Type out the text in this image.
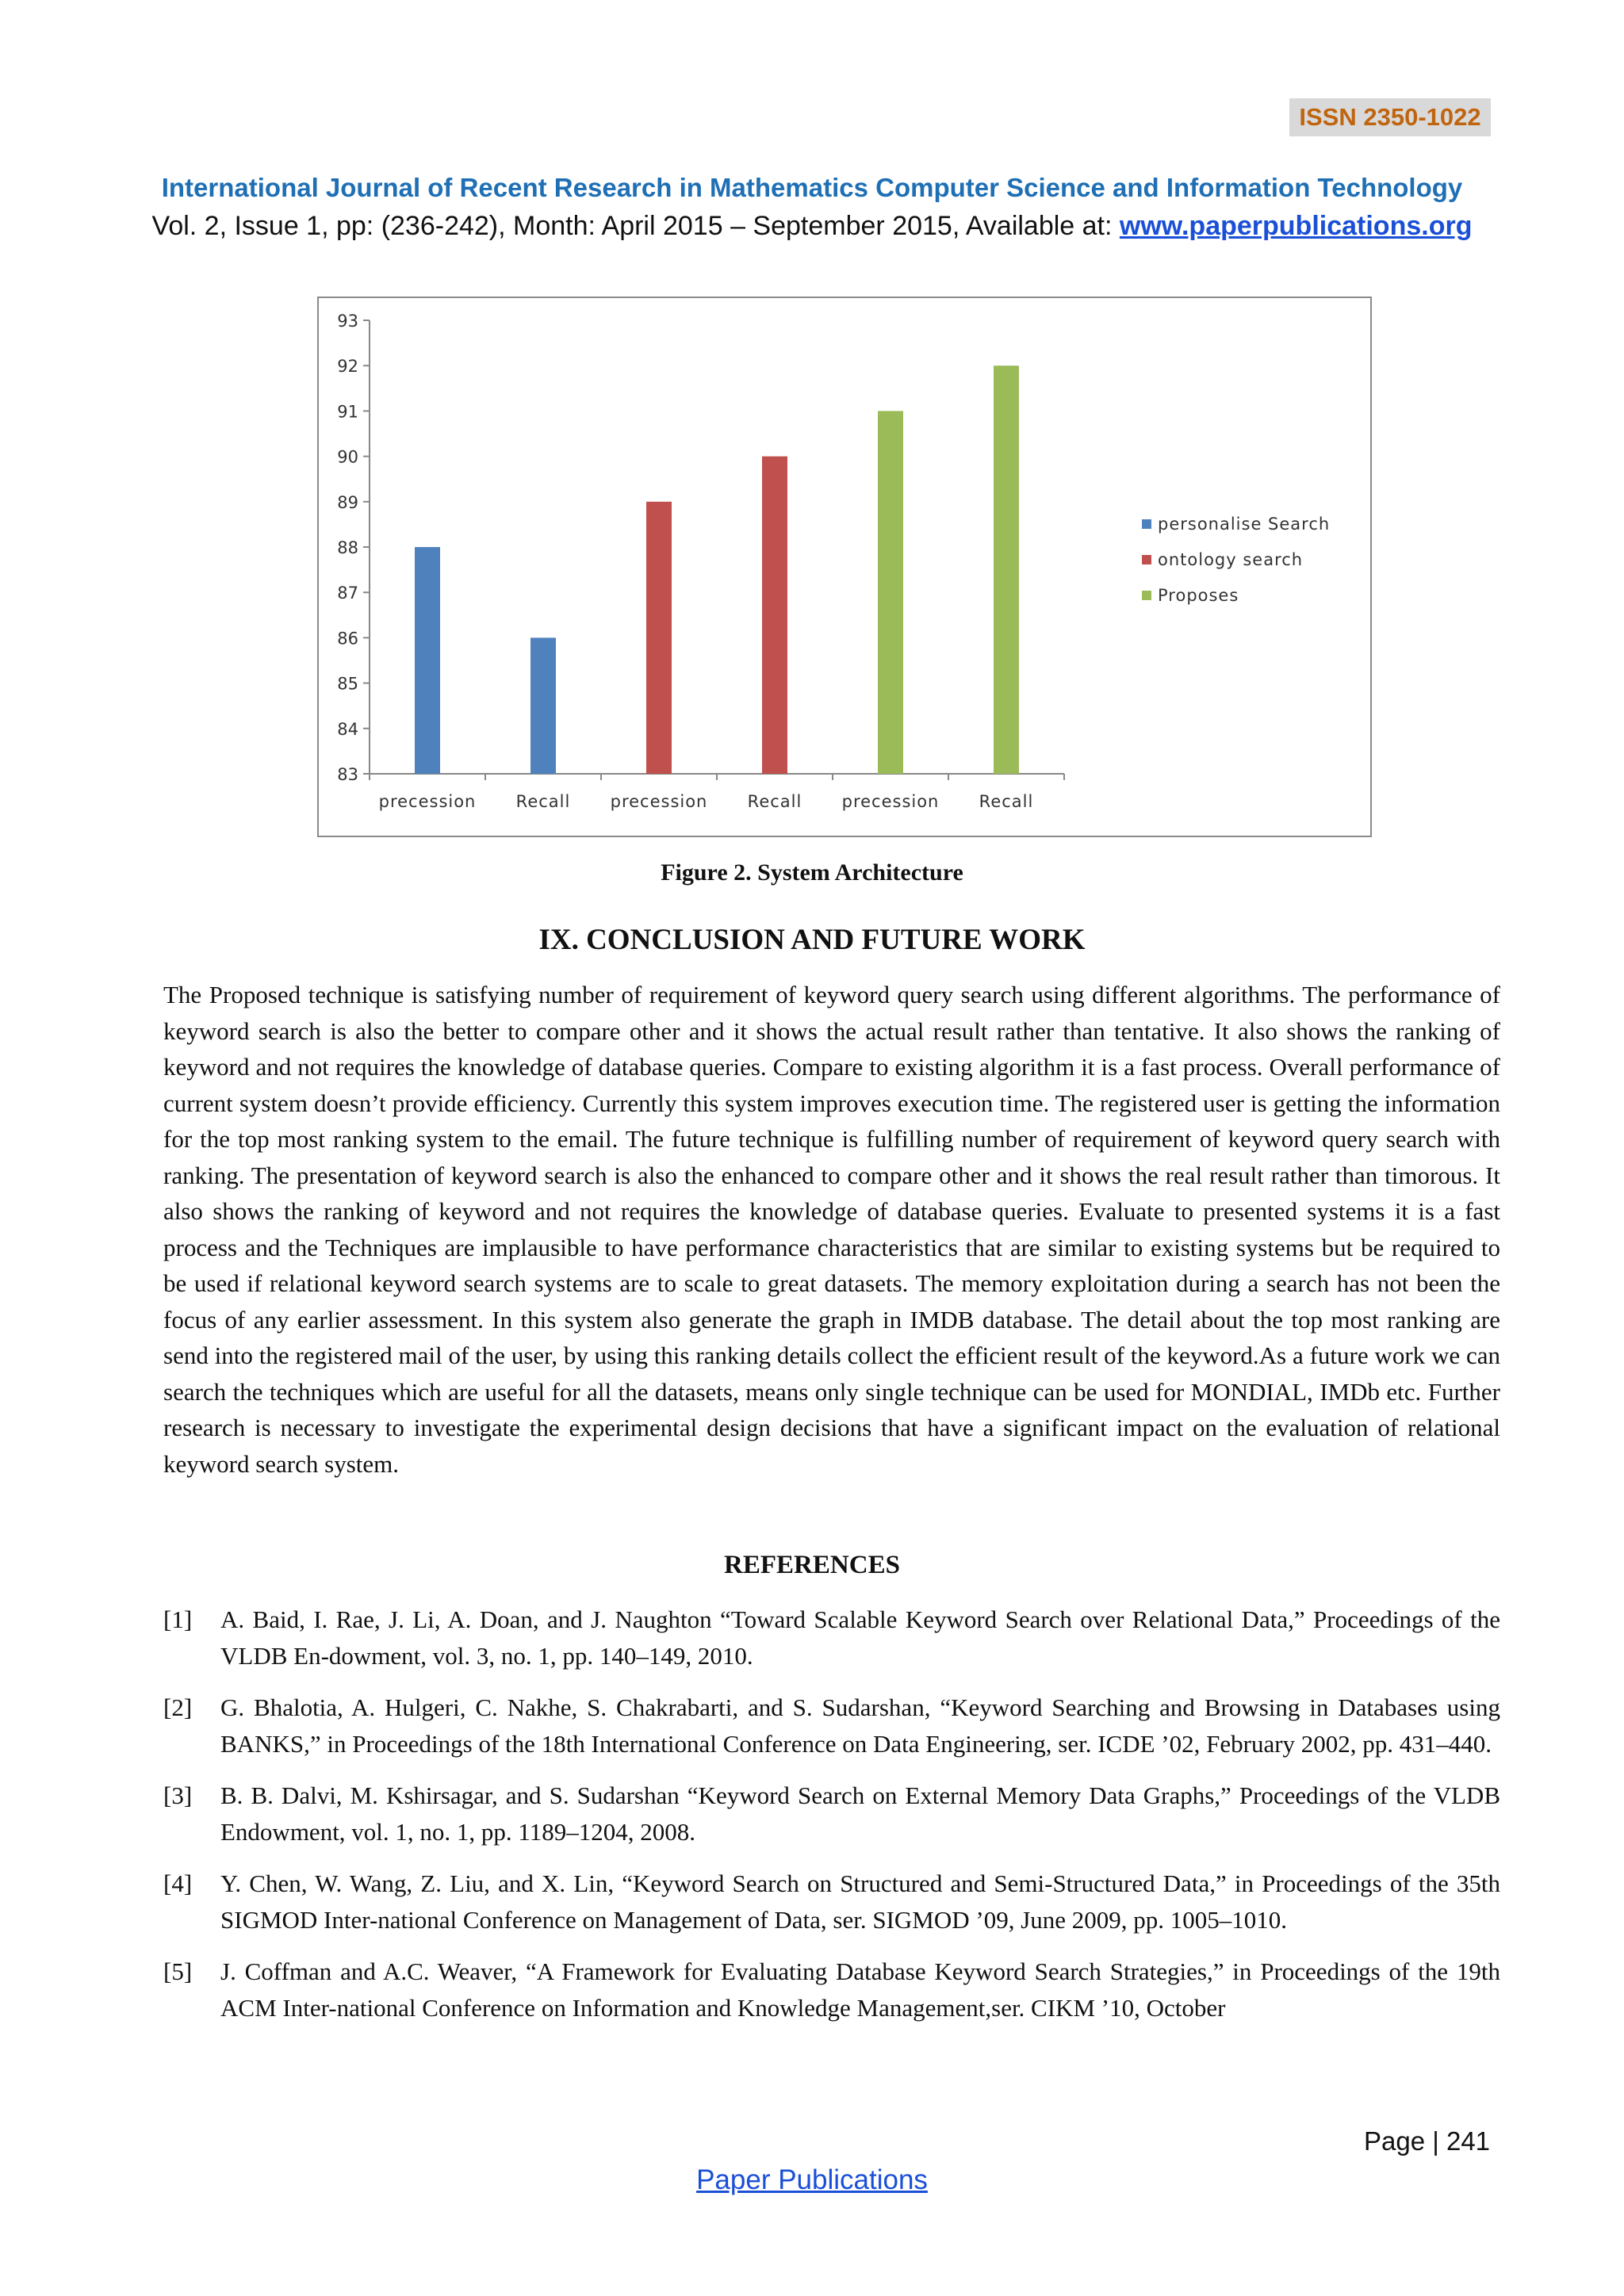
ISSN 2350-1022
International Journal of Recent Research in Mathematics Computer Science and Information Technology
Vol. 2, Issue 1, pp: (236-242), Month: April 2015 – September 2015, Available at: www.paperpublications.org
83
84
85
86
87
88
89
90
91
92
93
precession Recall precession Recall precession Recall
personalise Search
ontology search
Proposes
Figure 2. System Architecture
IX. CONCLUSION AND FUTURE WORK
The Proposed technique is satisfying number of requirement of keyword query search using different algorithms. The performance of keyword search is also the better to compare other and it shows the actual result rather than tentative. It also shows the ranking of keyword and not requires the knowledge of database queries. Compare to existing algorithm it is a fast process. Overall performance of current system doesn’t provide efficiency. Currently this system improves execution time. The registered user is getting the information for the top most ranking system to the email. The future technique is fulfilling number of requirement of keyword query search with ranking. The presentation of keyword search is also the enhanced to compare other and it shows the real result rather than timorous. It also shows the ranking of keyword and not requires the knowledge of database queries. Evaluate to presented systems it is a fast process and the Techniques are implausible to have performance characteristics that are similar to existing systems but be required to be used if relational keyword search systems are to scale to great datasets. The memory exploitation during a search has not been the focus of any earlier assessment. In this system also generate the graph in IMDB database. The detail about the top most ranking are send into the registered mail of the user, by using this ranking details collect the efficient result of the keyword.As a future work we can search the techniques which are useful for all the datasets, means only single technique can be used for MONDIAL, IMDb etc. Further research is necessary to investigate the experimental design decisions that have a significant impact on the evaluation of relational keyword search system.
REFERENCES
[1] A. Baid, I. Rae, J. Li, A. Doan, and J. Naughton “Toward Scalable Keyword Search over Relational Data,” Proceedings of the VLDB En-dowment, vol. 3, no. 1, pp. 140–149, 2010.
[2] G. Bhalotia, A. Hulgeri, C. Nakhe, S. Chakrabarti, and S. Sudarshan, “Keyword Searching and Browsing in Databases using BANKS,” in Proceedings of the 18th International Conference on Data Engineering, ser. ICDE ’02, February 2002, pp. 431–440.
[3] B. B. Dalvi, M. Kshirsagar, and S. Sudarshan “Keyword Search on External Memory Data Graphs,” Proceedings of the VLDB Endowment, vol. 1, no. 1, pp. 1189–1204, 2008.
[4] Y. Chen, W. Wang, Z. Liu, and X. Lin, “Keyword Search on Structured and Semi-Structured Data,” in Proceedings of the 35th SIGMOD Inter-national Conference on Management of Data, ser. SIGMOD ’09, June 2009, pp. 1005–1010.
[5] J. Coffman and A.C. Weaver, “A Framework for Evaluating Database Keyword Search Strategies,” in Proceedings of the 19th ACM Inter-national Conference on Information and Knowledge Management,ser. CIKM ’10, October
Page | 241
Paper Publications
